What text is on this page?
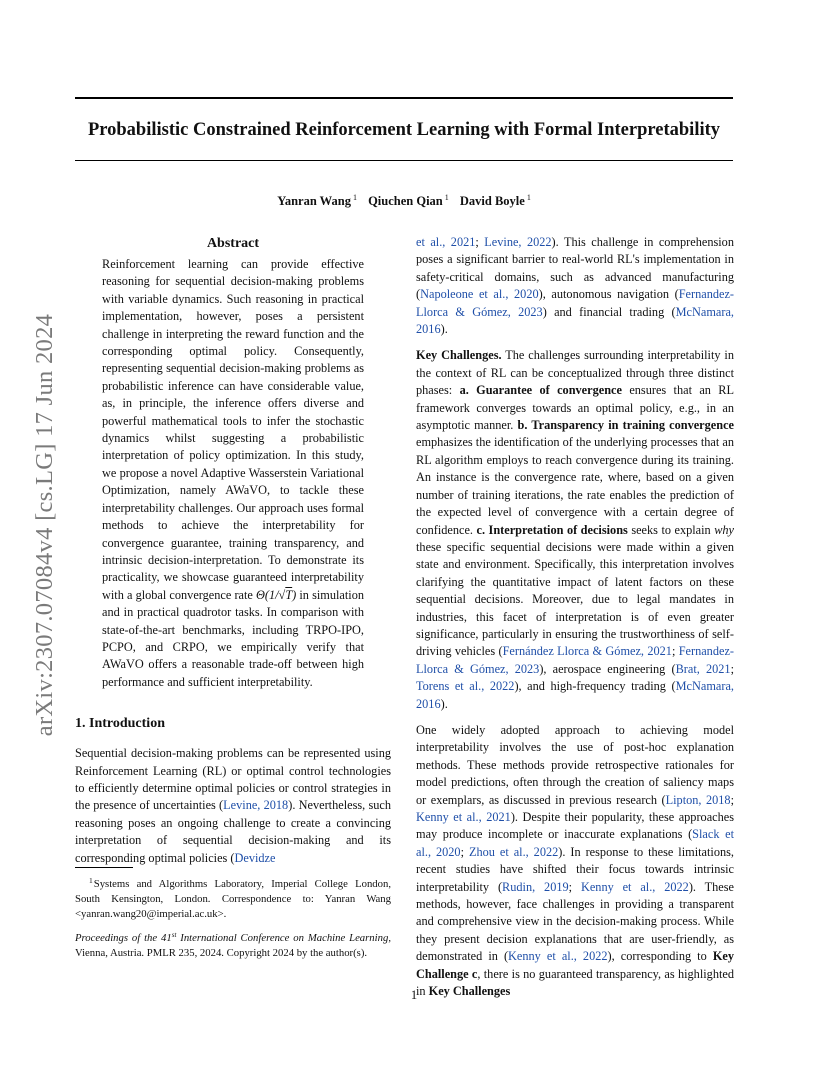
Probabilistic Constrained Reinforcement Learning with Formal Interpretability
Yanran Wang $^1$ Qiuchen Qian $^1$ David Boyle $^1$
arXiv:2307.07084v4 [cs.LG] 17 Jun 2024
Abstract
Reinforcement learning can provide effective reasoning for sequential decision-making problems with variable dynamics. Such reasoning in practical implementation, however, poses a persistent challenge in interpreting the reward function and the corresponding optimal policy. Consequently, representing sequential decision-making problems as probabilistic inference can have considerable value, as, in principle, the inference offers diverse and powerful mathematical tools to infer the stochastic dynamics whilst suggesting a probabilistic interpretation of policy optimization. In this study, we propose a novel Adaptive Wasserstein Variational Optimization, namely AWaVO, to tackle these interpretability challenges. Our approach uses formal methods to achieve the interpretability for convergence guarantee, training transparency, and intrinsic decision-interpretation. To demonstrate its practicality, we showcase guaranteed interpretability with a global convergence rate Θ(1/√T) in simulation and in practical quadrotor tasks. In comparison with state-of-the-art benchmarks, including TRPO-IPO, PCPO, and CRPO, we empirically verify that AWaVO offers a reasonable trade-off between high performance and sufficient interpretability.
1. Introduction
Sequential decision-making problems can be represented using Reinforcement Learning (RL) or optimal control technologies to efficiently determine optimal policies or control strategies in the presence of uncertainties (Levine, 2018). Nevertheless, such reasoning poses an ongoing challenge to create a convincing interpretation of sequential decision-making and its corresponding optimal policies (Devidze
$^1$Systems and Algorithms Laboratory, Imperial College London, South Kensington, London. Correspondence to: Yanran Wang <yanran.wang20@imperial.ac.uk>.
Proceedings of the 41st International Conference on Machine Learning, Vienna, Austria. PMLR 235, 2024. Copyright 2024 by the author(s).

et al., 2021; Levine, 2022). This challenge in comprehension poses a significant barrier to real-world RL's implementation in safety-critical domains, such as advanced manufacturing (Napoleone et al., 2020), autonomous navigation (Fernandez-Llorca & Gómez, 2023) and financial trading (McNamara, 2016).

Key Challenges. The challenges surrounding interpretability in the context of RL can be conceptualized through three distinct phases: a. Guarantee of convergence ensures that an RL framework converges towards an optimal policy, e.g., in an asymptotic manner. b. Transparency in training convergence emphasizes the identification of the underlying processes that an RL algorithm employs to reach convergence during its training. An instance is the convergence rate, where, based on a given number of training iterations, the rate enables the prediction of the expected level of convergence with a certain degree of confidence. c. Interpretation of decisions seeks to explain why these specific sequential decisions were made within a given state and environment. Specifically, this interpretation involves clarifying the quantitative impact of latent factors on these sequential decisions. Moreover, due to legal mandates in industries, this facet of interpretation is of even greater significance, particularly in ensuring the trustworthiness of self-driving vehicles (Fernández Llorca & Gómez, 2021; Fernandez-Llorca & Gómez, 2023), aerospace engineering (Brat, 2021; Torens et al., 2022), and high-frequency trading (McNamara, 2016).

One widely adopted approach to achieving model interpretability involves the use of post-hoc explanation methods. These methods provide retrospective rationales for model predictions, often through the creation of saliency maps or exemplars, as discussed in previous research (Lipton, 2018; Kenny et al., 2021). Despite their popularity, these approaches may produce incomplete or inaccurate explanations (Slack et al., 2020; Zhou et al., 2022). In response to these limitations, recent studies have shifted their focus towards intrinsic interpretability (Rudin, 2019; Kenny et al., 2022). These methods, however, face challenges in providing a transparent and comprehensive view in the decision-making process. While they present decision explanations that are user-friendly, as demonstrated in (Kenny et al., 2022), corresponding to Key Challenge c, there is no guaranteed transparency, as highlighted in Key Challenges

1
